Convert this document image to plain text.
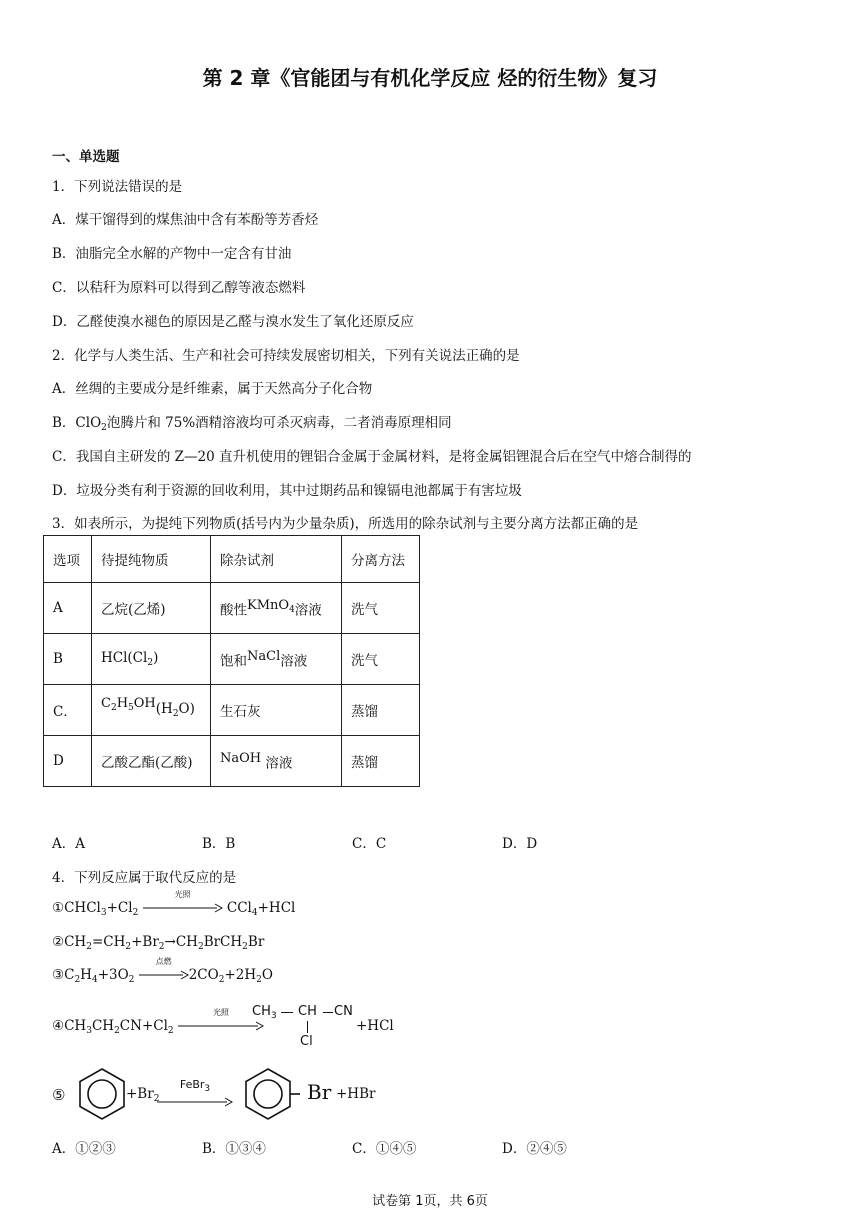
第 2 章《官能团与有机化学反应 烃的衍生物》复习
一、单选题
1．下列说法错误的是
A．煤干馏得到的煤焦油中含有苯酚等芳香烃
B．油脂完全水解的产物中一定含有甘油
C．以秸秆为原料可以得到乙醇等液态燃料
D．乙醛使溴水褪色的原因是乙醛与溴水发生了氧化还原反应
2．化学与人类生活、生产和社会可持续发展密切相关，下列有关说法正确的是
A．丝绸的主要成分是纤维素，属于天然高分子化合物
B．ClO$_2$泡腾片和 75%酒精溶液均可杀灭病毒，二者消毒原理相同
C．我国自主研发的 Z—20 直升机使用的锂铝合金属于金属材料，是将金属铝锂混合后在空气中熔合制得的
D．垃圾分类有利于资源的回收利用，其中过期药品和镍镉电池都属于有害垃圾
3．如表所示，为提纯下列物质(括号内为少量杂质)，所选用的除杂试剂与主要分离方法都正确的是
选项	待提纯物质	除杂试剂	分离方法
A	乙烷(乙烯)	酸性$^{KMnO_4}$溶液	洗气
B	$HCl(Cl_2)$	饱和$^{NaCl}$溶液	洗气
C．	$C_2H_5OH(H_2O)$	生石灰	蒸馏
D	乙酸乙酯(乙酸)	$^{NaOH}$ 溶液	蒸馏
A．A	B．B	C．C	D．D
4．下列反应属于取代反应的是
$①CHCl_3+Cl_2$
光照
CCl$_4$+HCl
$②CH_2=CH_2+Br_2\to CH_2BrCH_2Br$
$③C_2H_4+3O_2$
点燃
$2CO_2+2H_2O$
$④CH_3CH_2CN+Cl_2$
光照	$CH_3$ CH CN
Cl
+HCl
⑤	$+Br_2$
FeBr$_3$	Br +HBr
A．①②③	B．①③④	C．①④⑤	D．②④⑤
试卷第 1页，共 6页
